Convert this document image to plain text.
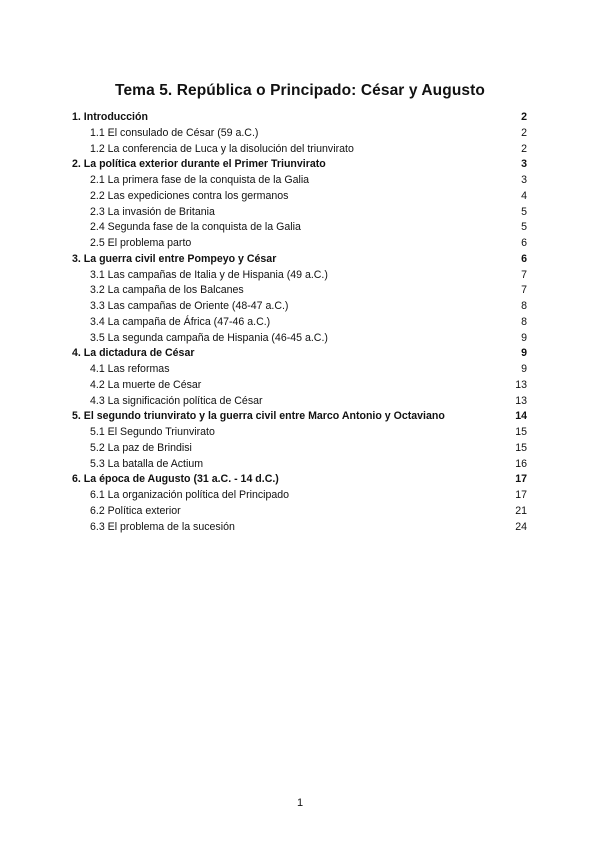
Tema 5. República o Principado: César y Augusto
1. Introducción	2
1.1 El consulado de César (59 a.C.)	2
1.2 La conferencia de Luca y la disolución del triunvirato	2
2. La política exterior durante el Primer Triunvirato	3
2.1 La primera fase de la conquista de la Galia	3
2.2 Las expediciones contra los germanos	4
2.3 La invasión de Britania	5
2.4 Segunda fase de la conquista de la Galia	5
2.5 El problema parto	6
3. La guerra civil entre Pompeyo y César	6
3.1 Las campañas de Italia y de Hispania (49 a.C.)	7
3.2 La campaña de los Balcanes	7
3.3 Las campañas de Oriente (48-47 a.C.)	8
3.4 La campaña de África (47-46 a.C.)	8
3.5 La segunda campaña de Hispania (46-45 a.C.)	9
4. La dictadura de César	9
4.1 Las reformas	9
4.2 La muerte de César	13
4.3 La significación política de César	13
5. El segundo triunvirato y la guerra civil entre Marco Antonio y Octaviano	14
5.1 El Segundo Triunvirato	15
5.2 La paz de Brindisi	15
5.3 La batalla de Actium	16
6. La época de Augusto (31 a.C. - 14 d.C.)	17
6.1 La organización política del Principado	17
6.2 Política exterior	21
6.3 El problema de la sucesión	24
1
